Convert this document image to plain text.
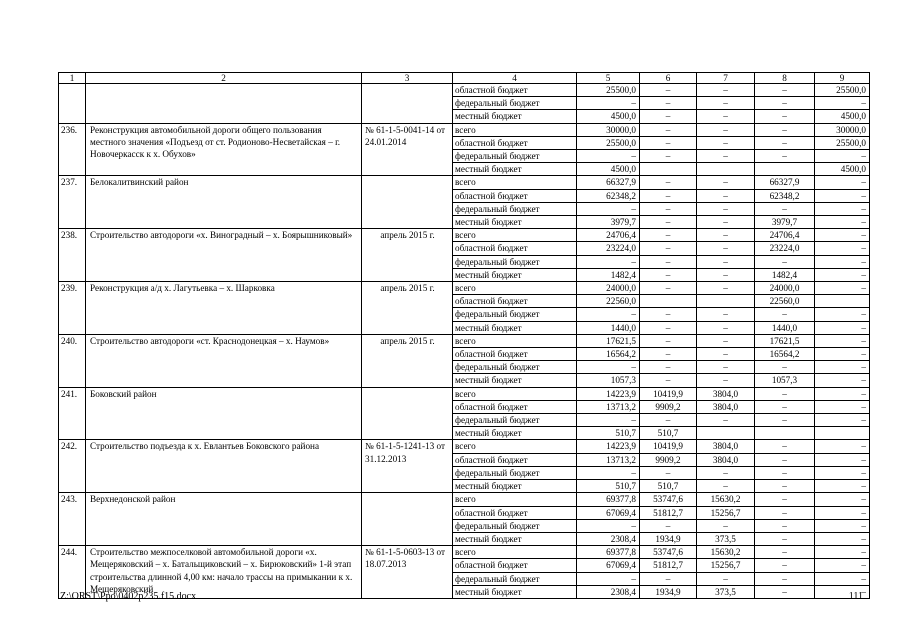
1	2	3	4	5	6	7	8	9
			областной бюджет	25500,0	–	–	–	25500,0
			федеральный бюджет	–	–	–	–	–
			местный бюджет	4500,0	–	–	–	4500,0
236.	Реконструкция автомобильной дороги общего пользования местного значения «Подъезд от ст. Родионово-Несветайская – г. Новочеркасск к х. Обухов»	№ 61-1-5-0041-14 от 24.01.2014	всего	30000,0	–	–	–	30000,0
			областной бюджет	25500,0	–	–	–	25500,0
			федеральный бюджет	–	–	–	–	–
			местный бюджет	4500,0				4500,0
237.	Белокалитвинский район		всего	66327,9	–	–	66327,9	–
			областной бюджет	62348,2	–	–	62348,2	–
			федеральный бюджет	–	–	–	–	–
			местный бюджет	3979,7	–	–	3979,7	–
238.	Строительство автодороги «х. Виноградный – х. Боярышниковый»	апрель 2015 г.	всего	24706,4	–	–	24706,4	–
			областной бюджет	23224,0	–	–	23224,0	–
			федеральный бюджет	–	–	–	–	–
			местный бюджет	1482,4	–	–	1482,4	–
239.	Реконструкция а/д х. Лагутьевка – х. Шарковка	апрель 2015 г.	всего	24000,0	–	–	24000,0	–
			областной бюджет	22560,0			22560,0	
			федеральный бюджет	–	–	–	–	–
			местный бюджет	1440,0	–	–	1440,0	–
240.	Строительство автодороги «ст. Краснодонецкая – х. Наумов»	апрель 2015 г.	всего	17621,5	–	–	17621,5	–
			областной бюджет	16564,2	–	–	16564,2	–
			федеральный бюджет	–	–	–	–	–
			местный бюджет	1057,3	–	–	1057,3	–
241.	Боковский район		всего	14223,9	10419,9	3804,0	–	–
			областной бюджет	13713,2	9909,2	3804,0	–	–
			федеральный бюджет	–	–	–	–	–
			местный бюджет	510,7	510,7			
242.	Строительство подъезда к х. Евлантьев Боковского района	№ 61-1-5-1241-13 от 31.12.2013	всего	14223,9	10419,9	3804,0	–	–
			областной бюджет	13713,2	9909,2	3804,0	–	–
			федеральный бюджет	–	–	–	–	–
			местный бюджет	510,7	510,7	–	–	–
243.	Верхнедонской район		всего	69377,8	53747,6	15630,2	–	–
			областной бюджет	67069,4	51812,7	15256,7	–	–
			федеральный бюджет	–	–	–	–	–
			местный бюджет	2308,4	1934,9	373,5	–	–
244.	Строительство межпоселковой автомобильной дороги «х. Мещеряковский – х. Батальщиковский – х. Бирюковский» 1-й этап строительства длинной 4,00 км: начало трассы на примыкании к х. Мещеряковский	№ 61-1-5-0603-13 от 18.07.2013	всего	69377,8	53747,6	15630,2	–	–
			областной бюджет	67069,4	51812,7	15256,7	–	–
			федеральный бюджет	–	–	–	–	–
			местный бюджет	2308,4	1934,9	373,5	–	–
Z:\ORST\Ppo\0402p235.f15.docx	111
